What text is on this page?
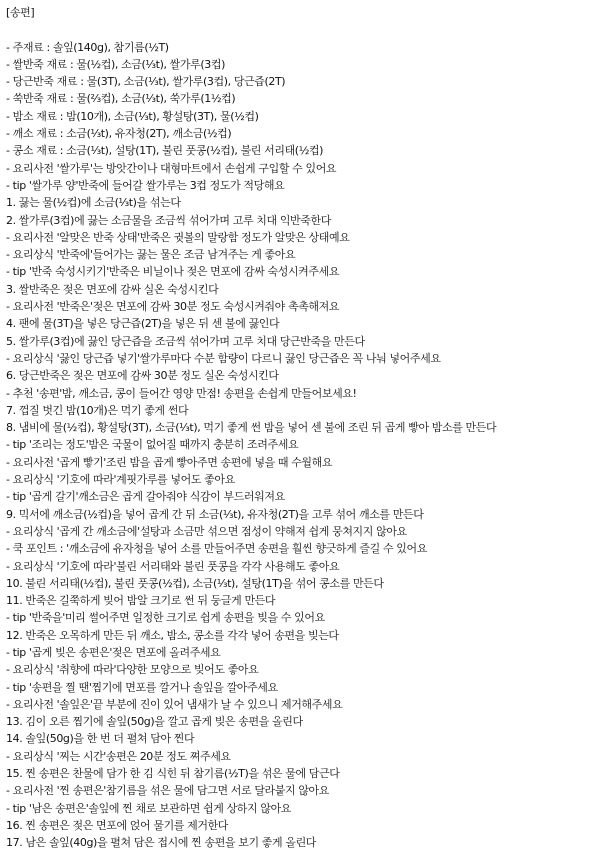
[송편]
- 주재료 : 솔잎(140g), 참기름(½T)
- 쌀반죽 재료 : 물(½컵), 소금(⅓t), 쌀가루(3컵)
- 당근반죽 재료 : 물(3T), 소금(⅓t), 쌀가루(3컵), 당근즙(2T)
- 쑥반죽 재료 : 물(⅔컵), 소금(⅓t), 쑥가루(1½컵)
- 밤소 재료 : 밤(10개), 소금(⅓t), 황설탕(3T), 물(½컵)
- 깨소 재료 : 소금(⅓t), 유자청(2T), 깨소금(½컵)
- 콩소 재료 : 소금(⅓t), 설탕(1T), 불린 풋콩(½컵), 불린 서리태(½컵)
- 요리사전 '쌀가루'는 방앗간이나 대형마트에서 손쉽게 구입할 수 있어요
- tip '쌀가루 양'반죽에 들어갈 쌀가루는 3컵 정도가 적당해요
1. 끓는 물(½컵)에 소금(⅓t)을 섞는다
2. 쌀가루(3컵)에 끓는 소금물을 조금씩 섞어가며 고루 치대 익반죽한다
- 요리사전 '알맞은 반죽 상태'반죽은 귓볼의 말랑함 정도가 알맞은 상태예요
- 요리상식 '반죽에'들어가는 끓는 물은 조금 남겨주는 게 좋아요
- tip '반죽 숙성시키기'반죽은 비닐이나 젖은 면포에 감싸 숙성시켜주세요
3. 쌀반죽은 젖은 면포에 감싸 실온 숙성시킨다
- 요리사전 '반죽은'젖은 면포에 감싸 30분 정도 숙성시켜줘야 촉촉해져요
4. 팬에 물(3T)을 넣은 당근즙(2T)을 넣은 뒤 센 불에 끓인다
5. 쌀가루(3컵)에 끓인 당근즙을 조금씩 섞어가며 고루 치대 당근반죽을 만든다
- 요리상식 '끓인 당근즙 넣기'쌀가루마다 수분 함량이 다르니 끓인 당근즙은 꼭 나눠 넣어주세요
6. 당근반죽은 젖은 면포에 감싸 30분 정도 실온 숙성시킨다
- 추천 '송편'밤, 깨소금, 콩이 들어간 영양 만점! 송편을 손쉽게 만들어보세요!
7. 껍질 벗긴 밤(10개)은 먹기 좋게 썬다
8. 냄비에 물(½컵), 황설탕(3T), 소금(⅓t), 먹기 좋게 썬 밤을 넣어 센 불에 조린 뒤 곱게 빻아 밤소를 만든다
- tip '조리는 정도'밤은 국물이 없어질 때까지 충분히 조려주세요
- 요리사전 '곱게 빻기'조린 밤을 곱게 빻아주면 송편에 넣을 때 수월해요
- 요리상식 '기호에 따라'계핏가루를 넣어도 좋아요
- tip '곱게 갈기'깨소금은 곱게 갈아줘야 식감이 부드러워져요
9. 믹서에 깨소금(½컵)을 넣어 곱게 간 뒤 소금(⅓t), 유자청(2T)을 고루 섞어 깨소를 만든다
- 요리상식 '곱게 간 깨소금에'설탕과 소금만 섞으면 점성이 약해져 쉽게 뭉쳐지지 않아요
- 쿡 포인트 : '깨소금에 유자청을 넣어 소를 만들어주면 송편을 훨씬 향긋하게 즐길 수 있어요
- 요리상식 '기호에 따라'불린 서리태와 불린 풋콩을 각각 사용해도 좋아요
10. 불린 서리태(½컵), 불린 풋콩(½컵), 소금(⅓t), 설탕(1T)을 섞어 콩소를 만든다
11. 반죽은 길쭉하게 빚어 밤알 크기로 썬 뒤 둥글게 만든다
- tip '반죽을'미리 썰어주면 일정한 크기로 쉽게 송편을 빚을 수 있어요
12. 반죽은 오목하게 만든 뒤 깨소, 밤소, 콩소를 각각 넣어 송편을 빚는다
- tip '곱게 빚은 송편은'젖은 면포에 올려주세요
- 요리상식 '취향에 따라'다양한 모양으로 빚어도 좋아요
- tip '송편을 찔 땐'찜기에 면포를 깔거나 솔잎을 깔아주세요
- 요리사전 '솔잎은'끝 부분에 진이 있어 냄새가 날 수 있으니 제거해주세요
13. 김이 오른 찜기에 솔잎(50g)을 깔고 곱게 빚은 송편을 올린다
14. 솔잎(50g)을 한 번 더 펼쳐 담아 찐다
- 요리상식 '찌는 시간'송편은 20분 정도 쪄주세요
15. 찐 송편은 찬물에 담가 한 김 식힌 뒤 참기름(½T)을 섞은 물에 담근다
- 요리사전 '찐 송편은'참기름을 섞은 물에 담그면 서로 달라붙지 않아요
- tip '남은 송편은'솔잎에 찐 채로 보관하면 쉽게 상하지 않아요
16. 찐 송편은 젖은 면포에 얹어 물기를 제거한다
17. 남은 솔잎(40g)을 펼쳐 담은 접시에 찐 송편을 보기 좋게 올린다
